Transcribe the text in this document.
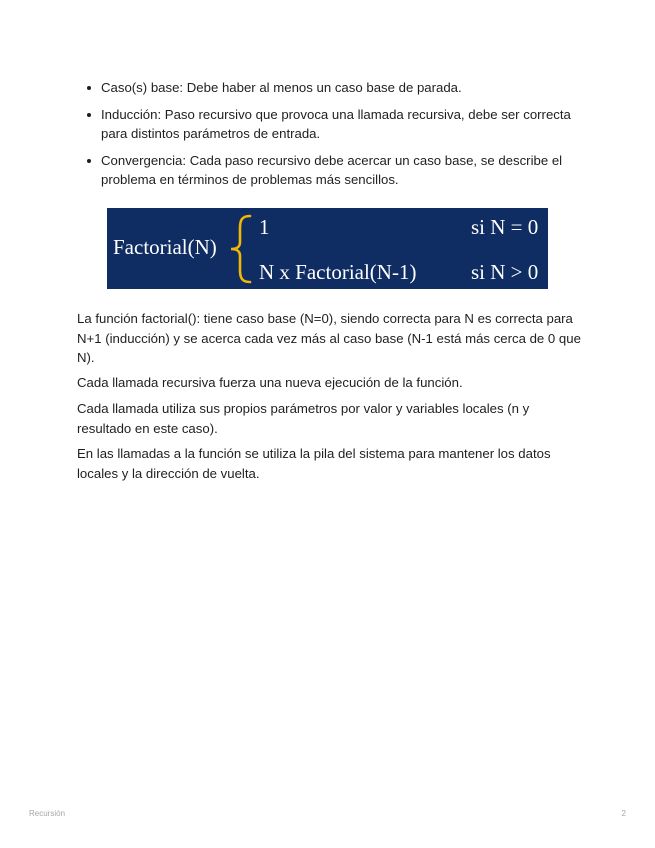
Caso(s) base: Debe haber al menos un caso base de parada.
Inducción: Paso recursivo que provoca una llamada recursiva, debe ser correcta para distintos parámetros de entrada.
Convergencia: Cada paso recursivo debe acercar un caso base, se describe el problema en términos de problemas más sencillos.
Factorial(N)
1	si N = 0
N x Factorial(N-1)	si N > 0

La función factorial(): tiene caso base (N=0), siendo correcta para N es correcta para N+1 (inducción) y se acerca cada vez más al caso base (N-1 está más cerca de 0 que N).

Cada llamada recursiva fuerza una nueva ejecución de la función.

Cada llamada utiliza sus propios parámetros por valor y variables locales (n y resultado en este caso).

En las llamadas a la función se utiliza la pila del sistema para mantener los datos locales y la dirección de vuelta.

Recursión	2
